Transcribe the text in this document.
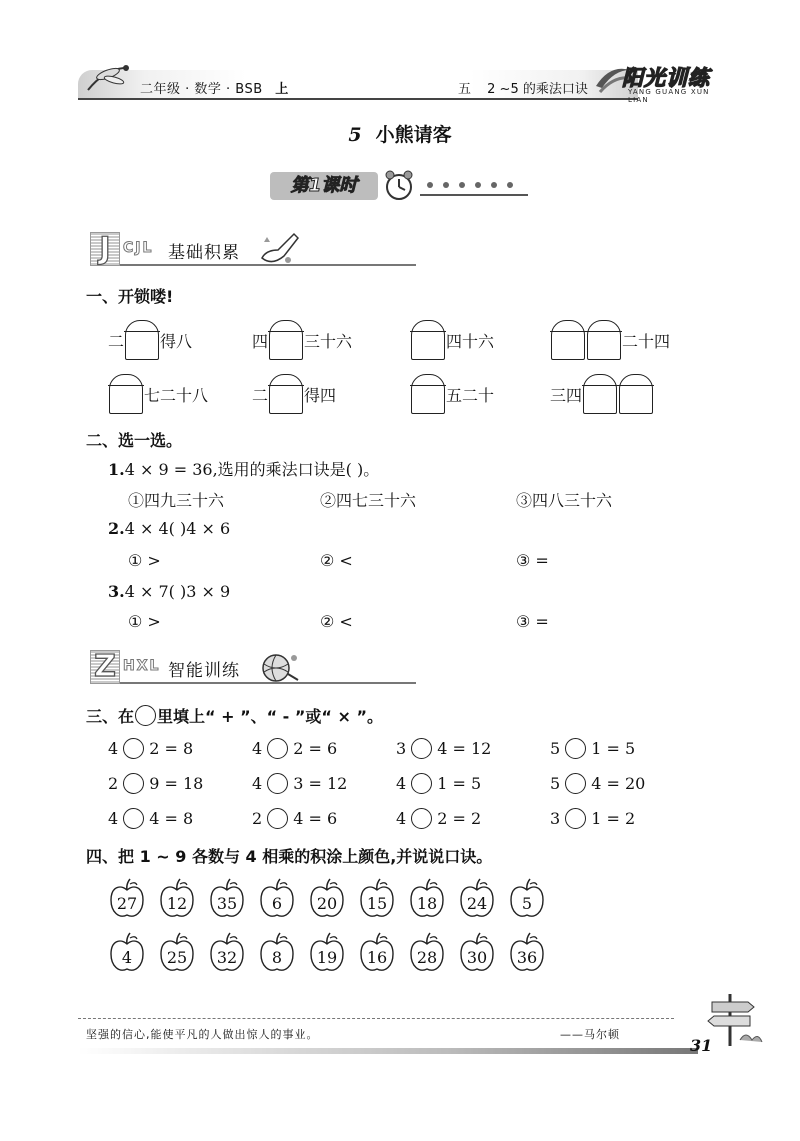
二年级 · 数学 · BSB 上	五 2 ~5 的乘法口诀 阳光训练
YANG GUANG XUN LIAN
5 小熊请客
第1课时
J CJL 基础积累
一、开锁喽!
二 得八	四 三十六	四十六	二十四
七二十八	二 得四	五二十	三四
二、选一选。
1.4 × 9 = 36,选用的乘法口诀是( )。
①四九三十六	②四七三十六	③四八三十六
2.4 × 4( )4 × 6
① >	② <	③ =
3.4 × 7( )3 × 9
① >	② <	③ =
Z HXL 智能训练
三、在 里填上“ + ”、“ - ”或“ × ”。
4 2 = 8	4 2 = 6	3 4 = 12	5 1 = 5
2 9 = 18	4 3 = 12	4 1 = 5	5 4 = 20
4 4 = 8	2 4 = 6	4 2 = 2	3 1 = 2
四、把 1 ~ 9 各数与 4 相乘的积涂上颜色,并说说口诀。
27	12	35	6	20	15	18	24	5
4	25	32	8	19	16	28	30	36
坚强的信心,能使平凡的人做出惊人的事业。	——马尔顿
31
